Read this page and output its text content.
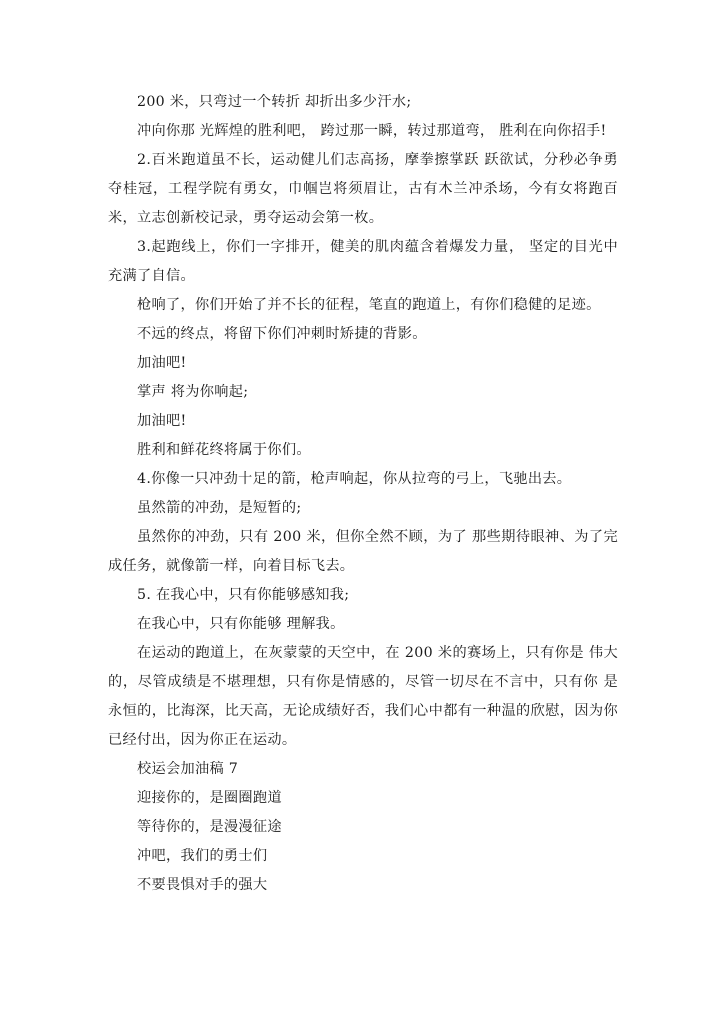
200 米，只弯过一个转折 却折出多少汗水;

冲向你那 光辉煌的胜利吧， 跨过那一瞬，转过那道弯， 胜利在向你招手!

2.百米跑道虽不长，运动健儿们志高扬，摩拳擦掌跃 跃欲试，分秒必争勇夺桂冠，工程学院有勇女，巾帼岂将须眉让，古有木兰冲杀场，今有女将跑百米，立志创新校记录，勇夺运动会第一枚。

3.起跑线上，你们一字排开，健美的肌肉蕴含着爆发力量， 坚定的目光中充满了自信。

枪响了，你们开始了并不长的征程，笔直的跑道上，有你们稳健的足迹。

不远的终点，将留下你们冲刺时矫捷的背影。

加油吧!

掌声 将为你响起;

加油吧!

胜利和鲜花终将属于你们。

4.你像一只冲劲十足的箭，枪声响起，你从拉弯的弓上，飞驰出去。

虽然箭的冲劲，是短暂的;

虽然你的冲劲，只有 200 米，但你全然不顾，为了 那些期待眼神、为了完成任务，就像箭一样，向着目标飞去。

5. 在我心中，只有你能够感知我;

在我心中，只有你能够 理解我。

在运动的跑道上，在灰蒙蒙的天空中，在 200 米的赛场上，只有你是 伟大的，尽管成绩是不堪理想，只有你是情感的，尽管一切尽在不言中，只有你 是永恒的，比海深，比天高，无论成绩好否，我们心中都有一种温的欣慰，因为你已经付出，因为你正在运动。

校运会加油稿 7

迎接你的，是圈圈跑道

等待你的，是漫漫征途

冲吧，我们的勇士们

不要畏惧对手的强大
